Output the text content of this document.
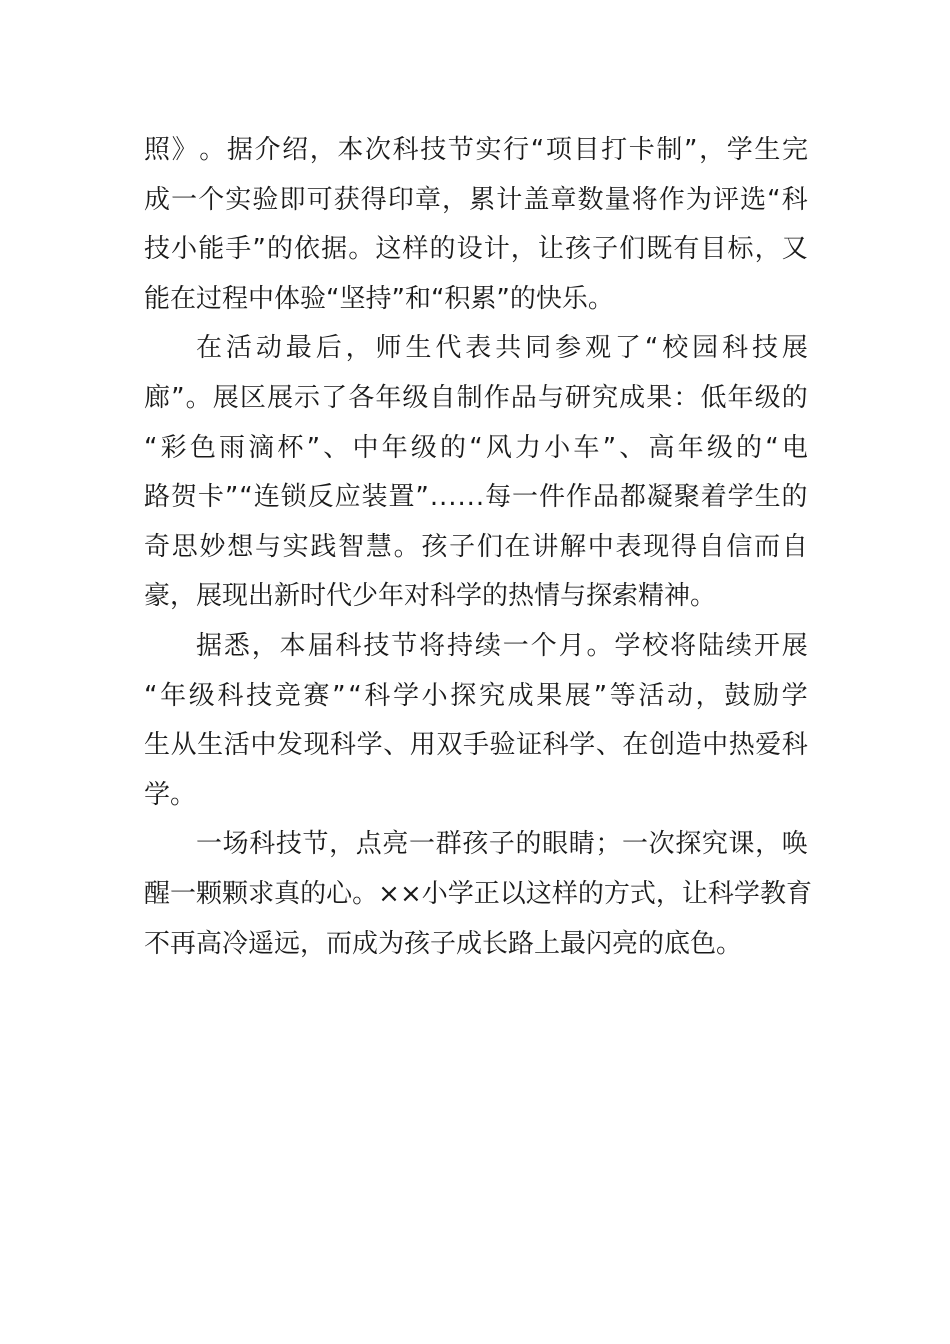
照 》 。 据 介 绍 ， 本 次 科 技 节 实 行 “ 项 目 打 卡 制 ” ， 学 生 完
成 一 个 实 验 即 可 获 得 印 章 ， 累 计 盖 章 数 量 将 作 为 评 选 “ 科
技 小 能 手 ” 的 依 据 。 这 样 的 设 计 ， 让 孩 子 们 既 有 目 标 ， 又
能在过程中体验“坚持”和“积累”的快乐。
在 活 动 最 后 ， 师 生 代 表 共 同 参 观 了 “ 校 园 科 技 展
廊 ” 。 展 区 展 示 了 各 年 级 自 制 作 品 与 研 究 成 果 ： 低 年 级 的
“ 彩 色 雨 滴 杯 ” 、 中 年 级 的 “ 风 力 小 车 ” 、 高 年 级 的 “ 电
路 贺 卡 ” “ 连 锁 反 应 装 置 ” . . . . . . 每 一 件 作 品 都 凝 聚 着 学 生 的
奇 思 妙 想 与 实 践 智 慧 。 孩 子 们 在 讲 解 中 表 现 得 自 信 而 自
豪，展现出新时代少年对科学的热情与探索精神。
据 悉 ， 本 届 科 技 节 将 持 续 一 个 月 。 学 校 将 陆 续 开 展
“ 年 级 科 技 竞 赛 ” “ 科 学 小 探 究 成 果 展 ” 等 活 动 ， 鼓 励 学
生 从 生 活 中 发 现 科 学 、 用 双 手 验 证 科 学 、 在 创 造 中 热 爱 科
学。
一 场 科 技 节 ， 点 亮 一 群 孩 子 的 眼 睛 ； 一 次 探 究 课 ， 唤
醒 一 颗 颗 求 真 的 心 。 × × 小 学 正 以 这 样 的 方 式 ， 让 科 学 教 育
不再高冷遥远，而成为孩子成长路上最闪亮的底色。
